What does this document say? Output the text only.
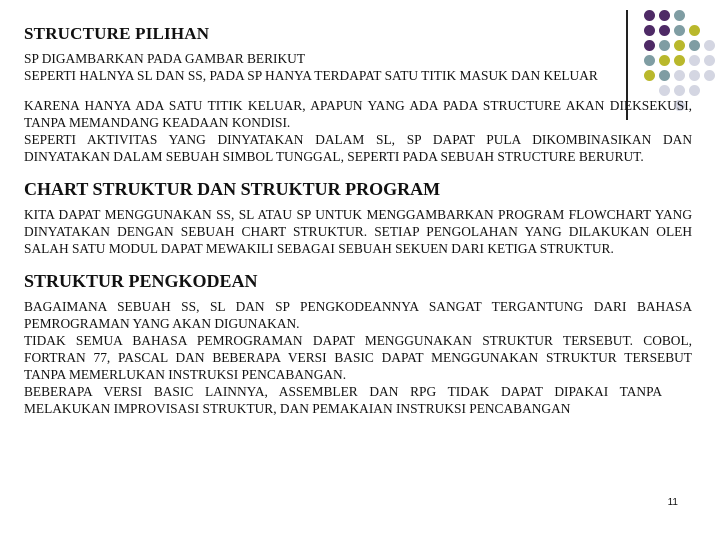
STRUCTURE PILIHAN

SP DIGAMBARKAN PADA GAMBAR BERIKUT

SEPERTI HALNYA SL DAN SS, PADA SP HANYA TERDAPAT SATU TITIK MASUK DAN KELUAR

KARENA HANYA ADA SATU TITIK KELUAR, APAPUN YANG ADA PADA STRUCTURE AKAN DIEKSEKUSI, TANPA MEMANDANG KEADAAN KONDISI.

SEPERTI AKTIVITAS YANG DINYATAKAN DALAM SL, SP DAPAT PULA DIKOMBINASIKAN DAN DINYATAKAN DALAM SEBUAH SIMBOL TUNGGAL, SEPERTI PADA SEBUAH STRUCTURE BERURUT.

CHART STRUKTUR DAN STRUKTUR PROGRAM

KITA DAPAT MENGGUNAKAN SS, SL ATAU SP UNTUK MENGGAMBARKAN PROGRAM FLOWCHART YANG DINYATAKAN DENGAN SEBUAH CHART STRUKTUR. SETIAP PENGOLAHAN YANG DILAKUKAN OLEH SALAH SATU MODUL DAPAT MEWAKILI SEBAGAI SEBUAH SEKUEN DARI KETIGA STRUKTUR.

STRUKTUR PENGKODEAN

BAGAIMANA SEBUAH SS, SL DAN SP PENGKODEANNYA SANGAT TERGANTUNG DARI BAHASA PEMROGRAMAN YANG AKAN DIGUNAKAN.

TIDAK SEMUA BAHASA PEMROGRAMAN DAPAT MENGGUNAKAN STRUKTUR TERSEBUT. COBOL, FORTRAN 77, PASCAL DAN BEBERAPA VERSI BASIC DAPAT MENGGUNAKAN STRUKTUR TERSEBUT TANPA MEMERLUKAN INSTRUKSI PENCABANGAN.

BEBERAPA VERSI BASIC LAINNYA, ASSEMBLER DAN RPG TIDAK DAPAT DIPAKAI TANPA MELAKUKAN IMPROVISASI STRUKTUR, DAN PEMAKAIAN INSTRUKSI PENCABANGAN

11
